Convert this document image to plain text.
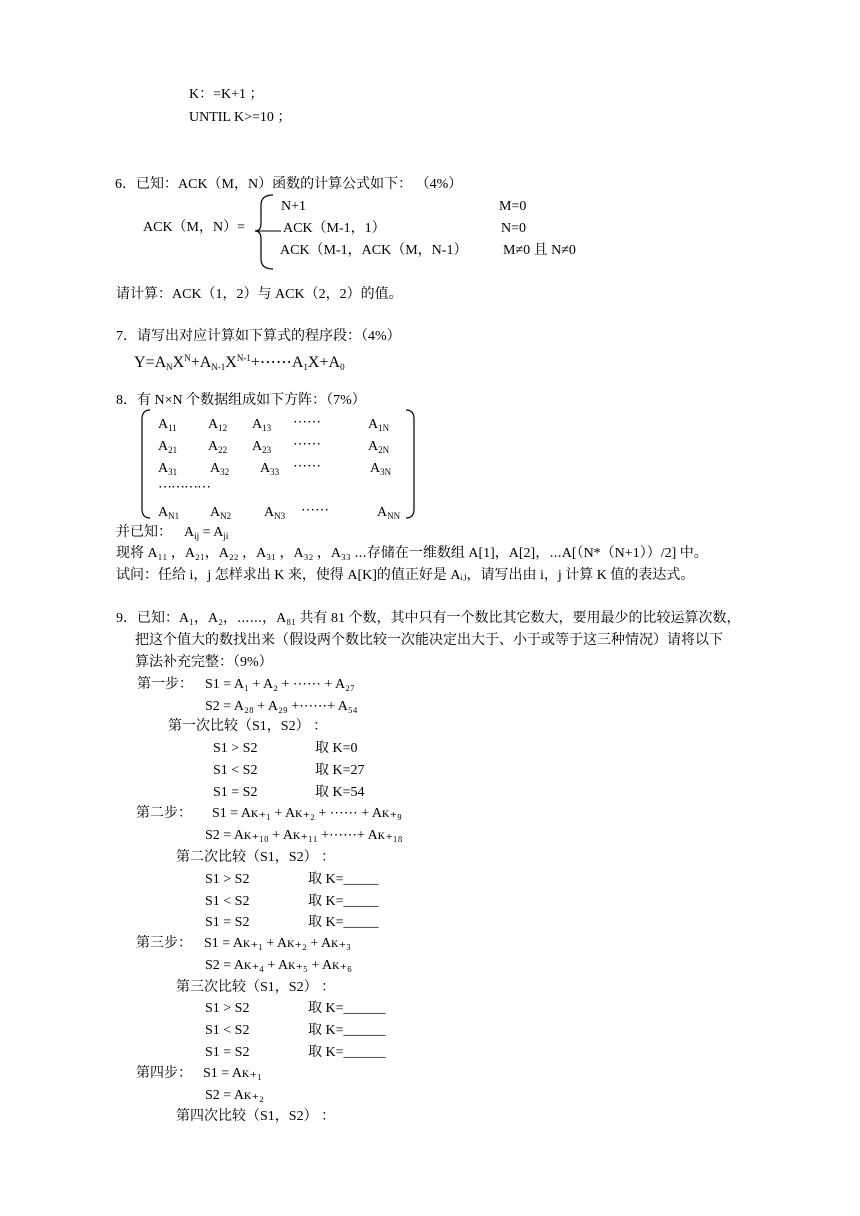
K：=K+1 ；
UNTIL K>=10 ；
6．已知：ACK（M，N）函数的计算公式如下： （4%）
ACK（M，N）=
N+1	M=0
ACK（M-1，1）	N=0
ACK（M-1，ACK（M，N-1）	M≠0 且 N≠0
请计算：ACK（1，2）与 ACK（2，2）的值。
7．请写出对应计算如下算式的程序段：（4%）
$Y=A_NX^N+A_{N-1}X^{N-1}+\cdots\cdots A_1X+A_0$
8．有 N×N 个数据组成如下方阵：（7%）
$A_{11}$ $A_{12}$ $A_{13}$ ⋯⋯	$A_{1N}$
$A_{21}$ $A_{22}$ $A_{23}$ ⋯⋯	$A_{2N}$
$A_{31}$ $A_{32}$ $A_{33}$ ⋯⋯	$A_{3N}$
⋯⋯⋯⋯
$A_{N1}$ $A_{N2}$ $A_{N3}$ ⋯⋯	$A_{NN}$
并已知： $A_{ij} = A_{ji}$
现将 A₁₁ ，A₂₁，A₂₂ ，A₃₁ ，A₃₂ ，A₃₃ ⋯存储在一维数组 A[1]，A[2]，⋯A[（N*（N+1））/2] 中。
试问：任给 i，j 怎样求出 K 来，使得 A[K]的值正好是 Aᵢⱼ，请写出由 i，j 计算 K 值的表达式。
9．已知：A₁，A₂，⋯⋯，A₈₁ 共有 81 个数，其中只有一个数比其它数大，要用最少的比较运算次数，
把这个值大的数找出来（假设两个数比较一次能决定出大于、小于或等于这三种情况）请将以下
算法补充完整：（9%）
第一步： S1 = A₁ + A₂ + ⋯⋯ + A₂₇
S2 = A₂₈ + A₂₉ +⋯⋯+ A₅₄
第一次比较（S1，S2） ：
S1 > S2	取 K=0
S1 < S2	取 K=27
S1 = S2	取 K=54
第二步： S1 = Aᴋ₊₁ + Aᴋ₊₂ + ⋯⋯ + Aᴋ₊₉
S2 = Aᴋ₊₁₀ + Aᴋ₊₁₁ +⋯⋯+ Aᴋ₊₁₈
第二次比较（S1，S2） ：
S1 > S2	取 K=_____
S1 < S2	取 K=_____
S1 = S2	取 K=_____
第三步： S1 = Aᴋ₊₁ + Aᴋ₊₂ + Aᴋ₊₃
S2 = Aᴋ₊₄ + Aᴋ₊₅ + Aᴋ₊₆
第三次比较（S1，S2） ：
S1 > S2	取 K=______
S1 < S2	取 K=______
S1 = S2	取 K=______
第四步： S1 = Aᴋ₊₁
S2 = Aᴋ₊₂
第四次比较（S1，S2） ：
